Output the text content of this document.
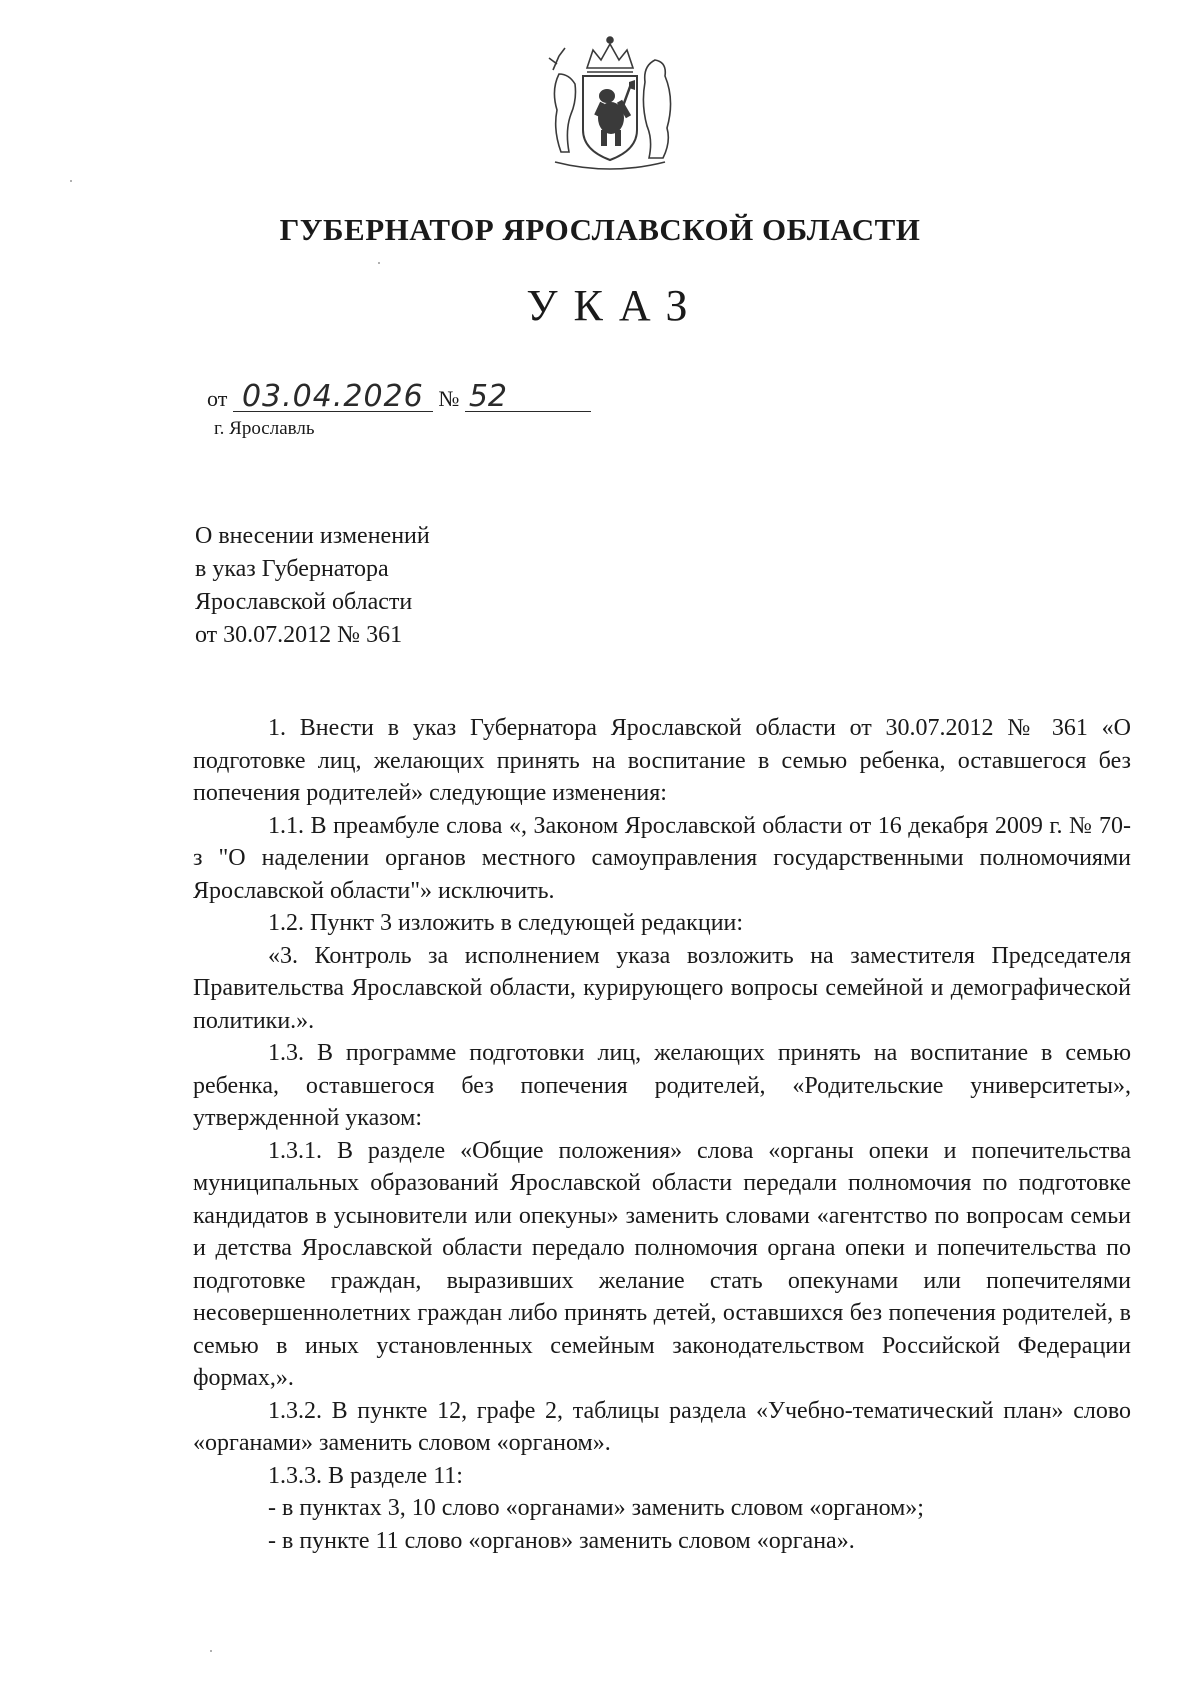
ГУБЕРНАТОР ЯРОСЛАВСКОЙ ОБЛАСТИ
УКАЗ
от 03.04.2026 № 52
г. Ярославль
О внесении изменений
в указ Губернатора
Ярославской области
от 30.07.2012 № 361

1. Внести в указ Губернатора Ярославской области от 30.07.2012 № 361 «О подготовке лиц, желающих принять на воспитание в семью ребенка, оставшегося без попечения родителей» следующие изменения:

1.1. В преамбуле слова «, Законом Ярославской области от 16 декабря 2009 г. № 70-з "О наделении органов местного самоуправления государственными полномочиями Ярославской области"» исключить.

1.2. Пункт 3 изложить в следующей редакции:

«3. Контроль за исполнением указа возложить на заместителя Председателя Правительства Ярославской области, курирующего вопросы семейной и демографической политики.».

1.3. В программе подготовки лиц, желающих принять на воспитание в семью ребенка, оставшегося без попечения родителей, «Родительские университеты», утвержденной указом:

1.3.1. В разделе «Общие положения» слова «органы опеки и попечительства муниципальных образований Ярославской области передали полномочия по подготовке кандидатов в усыновители или опекуны» заменить словами «агентство по вопросам семьи и детства Ярославской области передало полномочия органа опеки и попечительства по подготовке граждан, выразивших желание стать опекунами или попечителями несовершеннолетних граждан либо принять детей, оставшихся без попечения родителей, в семью в иных установленных семейным законодательством Российской Федерации формах,».

1.3.2. В пункте 12, графе 2, таблицы раздела «Учебно-тематический план» слово «органами» заменить словом «органом».

1.3.3. В разделе 11:

- в пунктах 3, 10 слово «органами» заменить словом «органом»;

- в пункте 11 слово «органов» заменить словом «органа».
